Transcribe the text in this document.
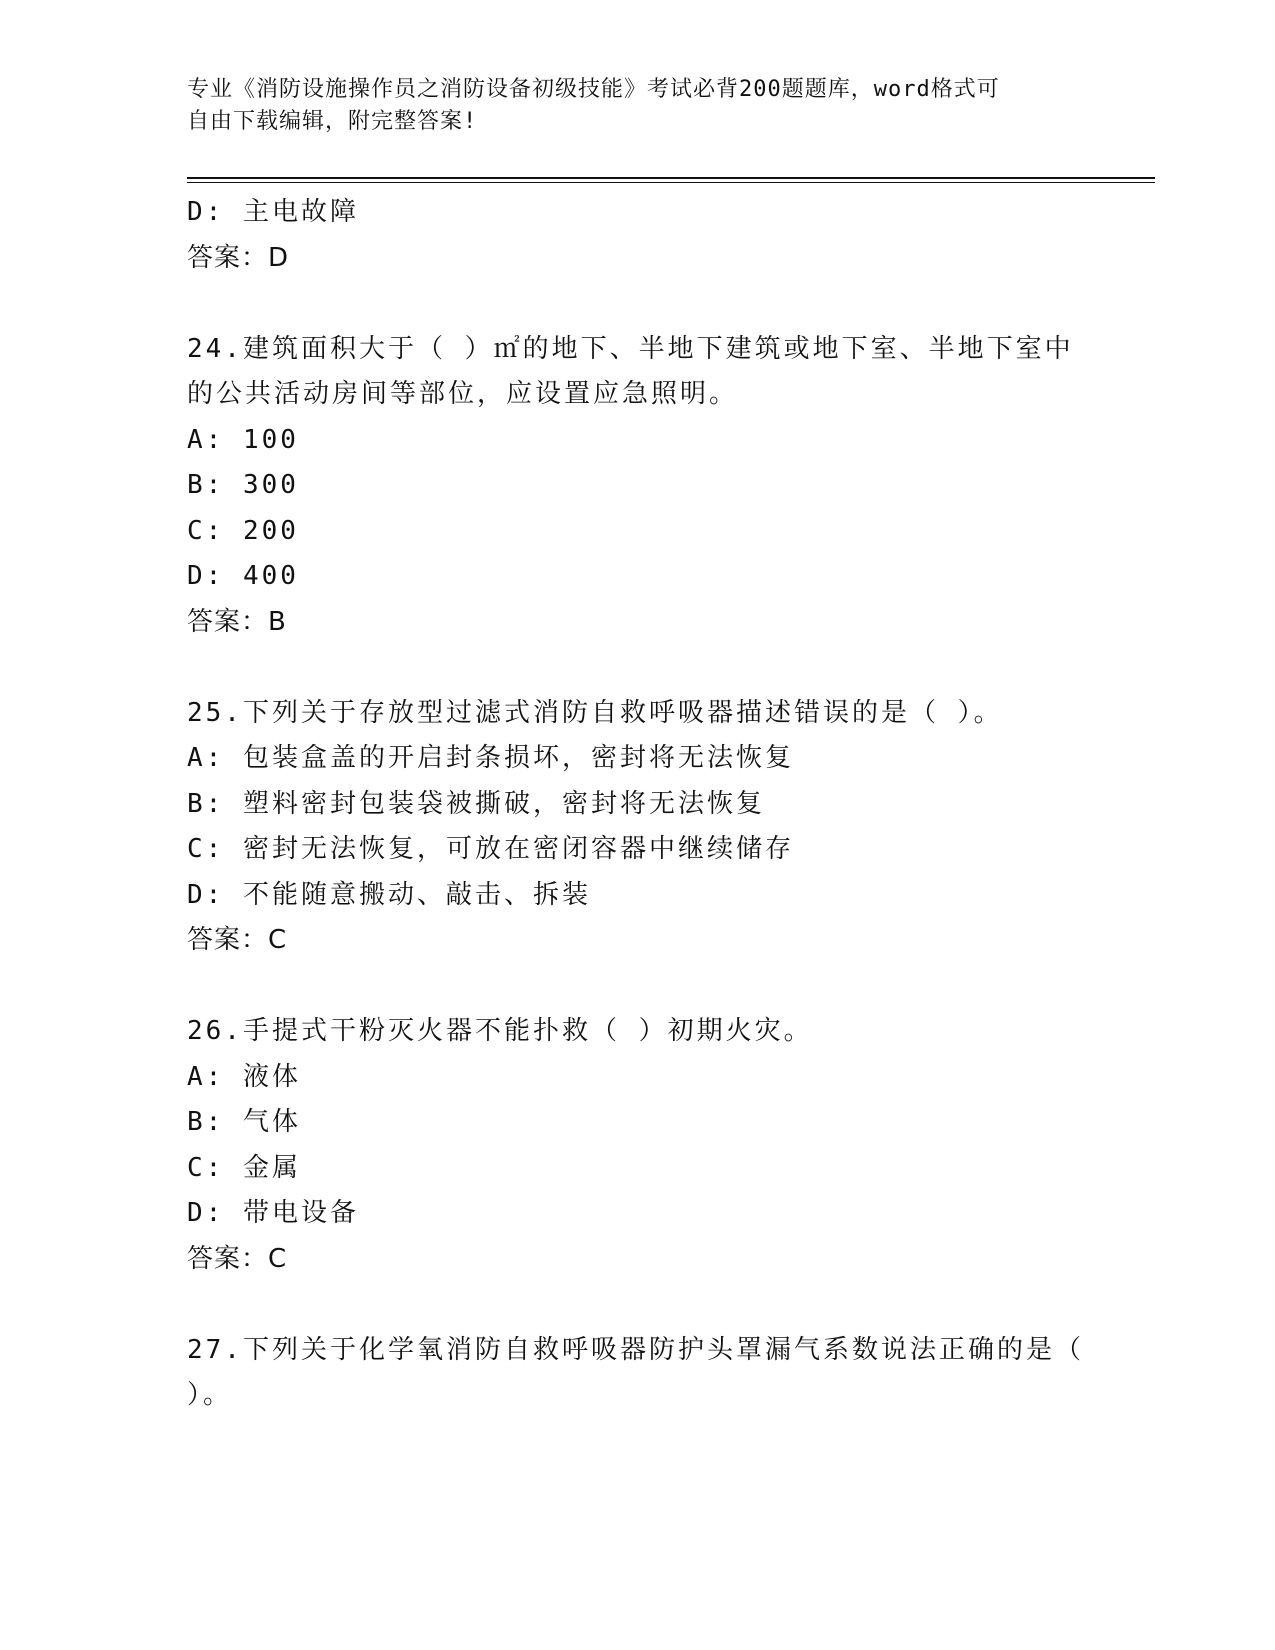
专业《消防设施操作员之消防设备初级技能》考试必背200题题库，word格式可
自由下载编辑，附完整答案!
D: 主电故障
答案：D
24.建筑面积大于（ ）㎡的地下、半地下建筑或地下室、半地下室中
的公共活动房间等部位，应设置应急照明。
A: 100
B: 300
C: 200
D: 400
答案：B
25.下列关于存放型过滤式消防自救呼吸器描述错误的是（ ）。
A: 包装盒盖的开启封条损坏，密封将无法恢复
B: 塑料密封包装袋被撕破，密封将无法恢复
C: 密封无法恢复，可放在密闭容器中继续储存
D: 不能随意搬动、敲击、拆装
答案：C
26.手提式干粉灭火器不能扑救（ ）初期火灾。
A: 液体
B: 气体
C: 金属
D: 带电设备
答案：C
27.下列关于化学氧消防自救呼吸器防护头罩漏气系数说法正确的是（
）。
